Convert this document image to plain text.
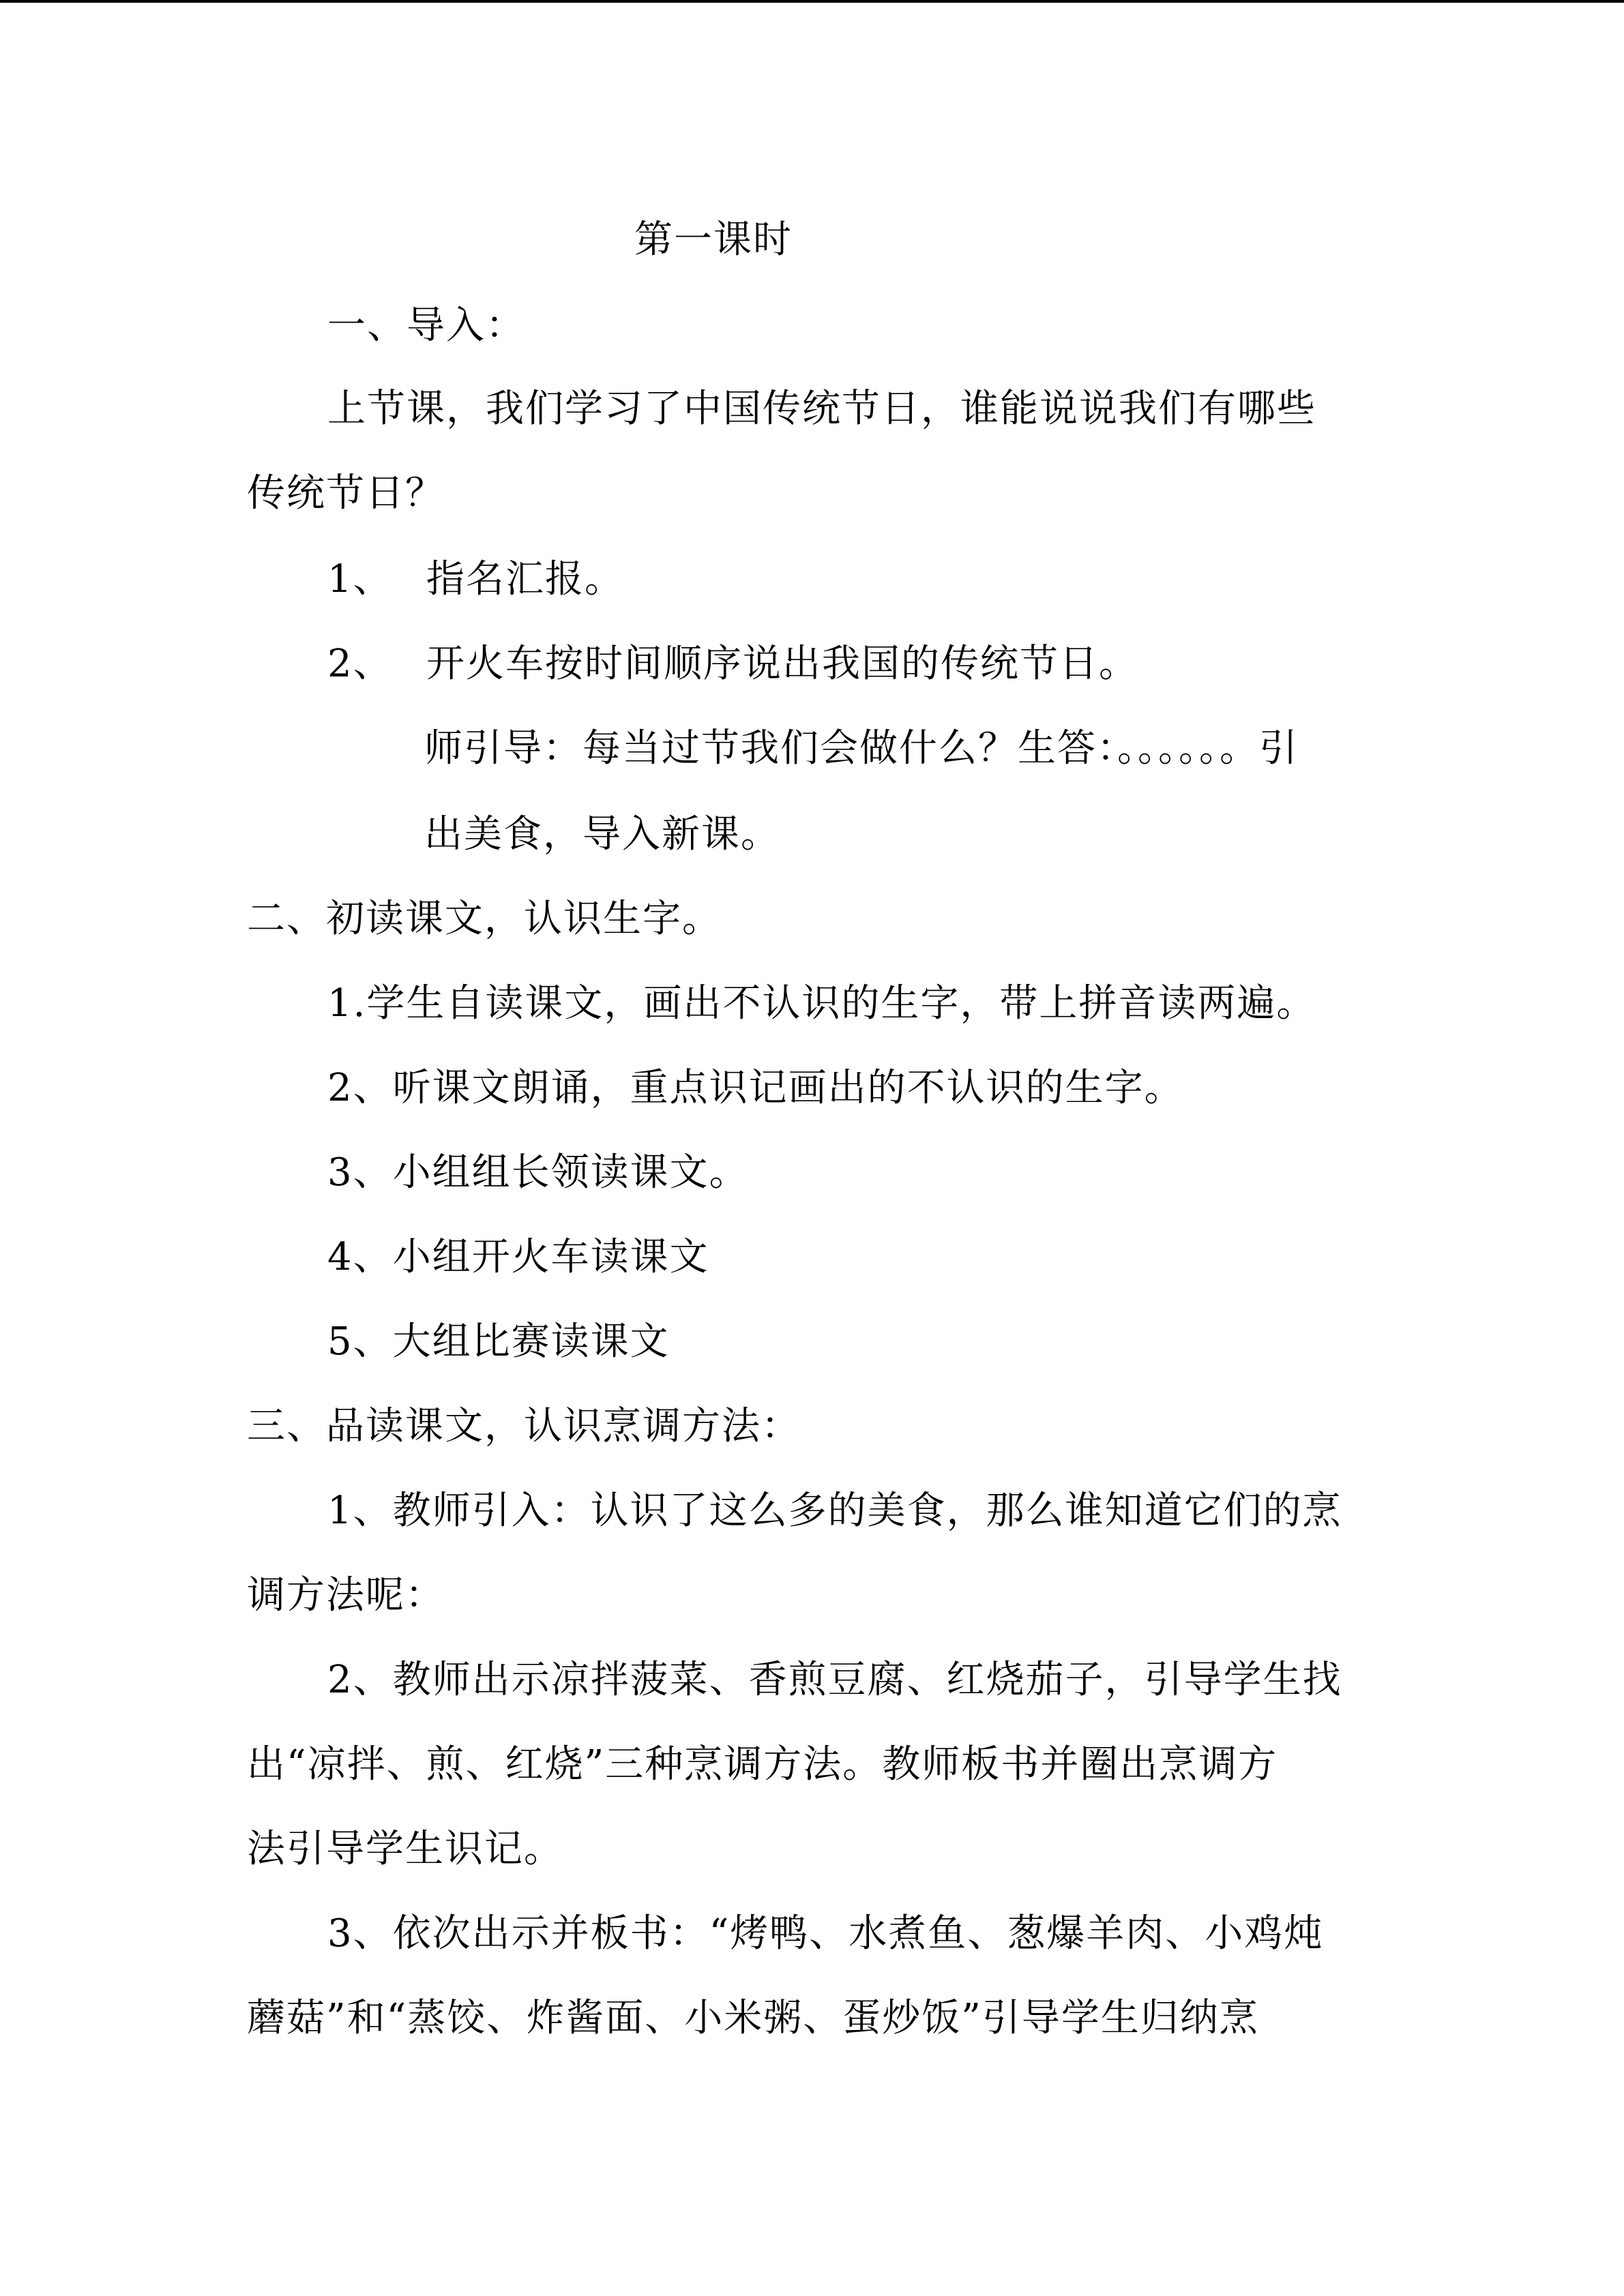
第一课时
一、导入：
上节课，我们学习了中国传统节日，谁能说说我们有哪些
传统节日？
1、 指名汇报。
2、 开火车按时间顺序说出我国的传统节日。
师引导：每当过节我们会做什么？生答：。。。。。。引
出美食，导入新课。
二、初读课文，认识生字。
1.学生自读课文，画出不认识的生字，带上拼音读两遍。
2、听课文朗诵，重点识记画出的不认识的生字。
3、小组组长领读课文。
4、小组开火车读课文
5、大组比赛读课文
三、品读课文，认识烹调方法：
1、教师引入：认识了这么多的美食，那么谁知道它们的烹
调方法呢：
2、教师出示凉拌菠菜、香煎豆腐、红烧茄子，引导学生找
出“凉拌、煎、红烧”三种烹调方法。教师板书并圈出烹调方
法引导学生识记。
3、依次出示并板书：“烤鸭、水煮鱼、葱爆羊肉、小鸡炖
蘑菇”和“蒸饺、炸酱面、小米粥、蛋炒饭”引导学生归纳烹
